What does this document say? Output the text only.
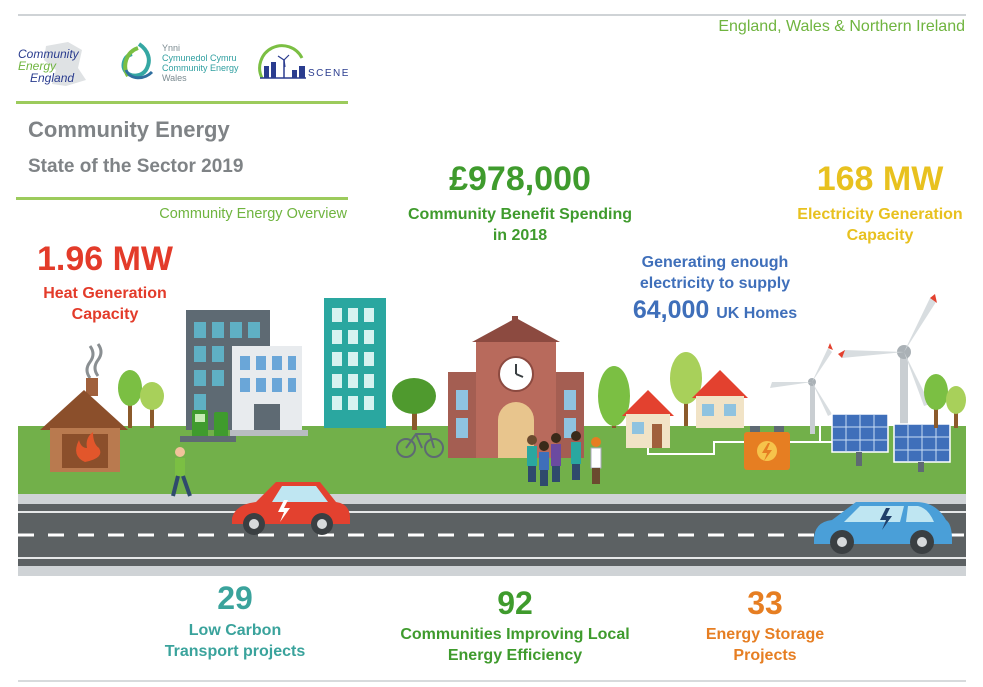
England, Wales & Northern Ireland
Community
Energy
England
Ynni
Cymunedol Cymru
Community Energy
Wales	SCENE
Community Energy
State of the Sector 2019
Community Energy Overview
1.96 MW
Heat Generation
Capacity
£978,000
Community Benefit Spending
in 2018
168 MW
Electricity Generation
Capacity
Generating enough
electricity to supply
64,000 UK Homes
29
Low Carbon
Transport projects
92
Communities Improving Local
Energy Efficiency
33
Energy Storage
Projects
